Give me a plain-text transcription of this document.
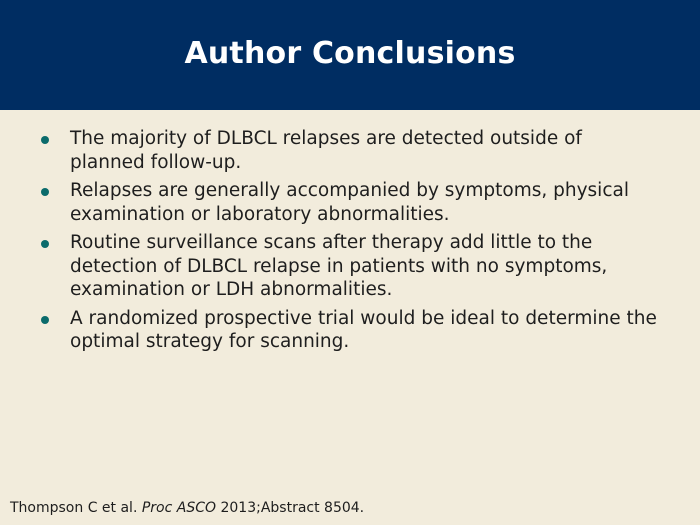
Author Conclusions
The majority of DLBCL relapses are detected outside of planned follow-up.
Relapses are generally accompanied by symptoms, physical examination or laboratory abnormalities.
Routine surveillance scans after therapy add little to the detection of DLBCL relapse in patients with no symptoms, examination or LDH abnormalities.
A randomized prospective trial would be ideal to determine the optimal strategy for scanning.
Thompson C et al. Proc ASCO 2013;Abstract 8504.
